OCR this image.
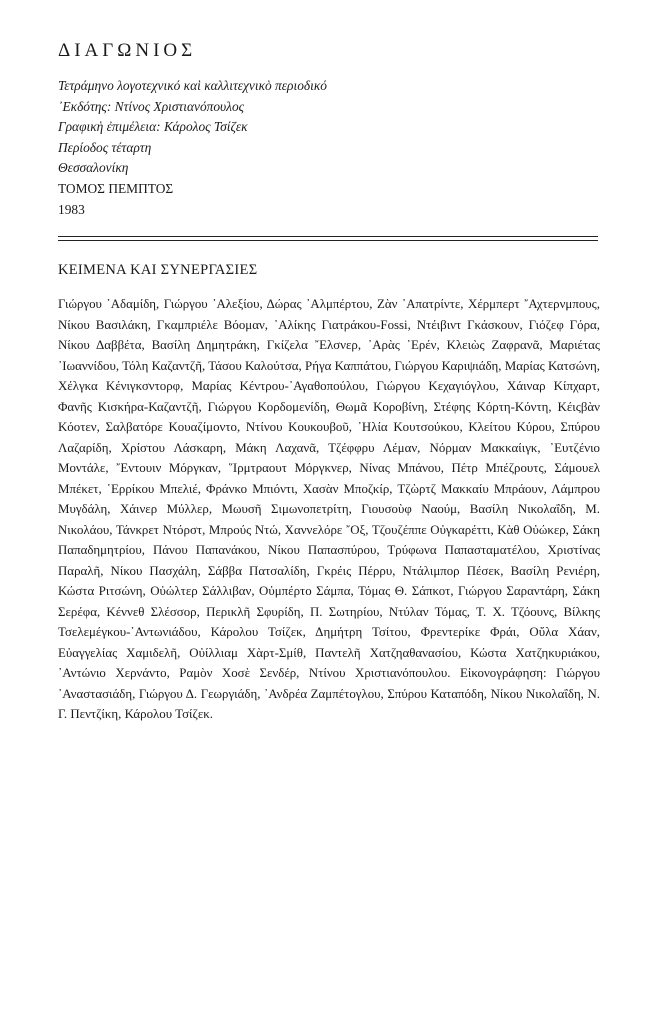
ΔΙΑΓΩΝΙΟΣ
Τετράμηνο λογοτεχνικό καὶ καλλιτεχνικὸ περιοδικό
᾿Εκδότης: Ντίνος Χριστιανόπουλος
Γραφικὴ ἐπιμέλεια: Κάρολος Τσίζεκ
Περίοδος τέταρτη
Θεσσαλονίκη
ΤΟΜΟΣ ΠΕΜΠΤΟΣ
1983
ΚΕΙΜΕΝΑ ΚΑΙ ΣΥΝΕΡΓΑΣΙΕΣ
Γιώργου ᾿Αδαμίδη, Γιώργου ᾿Αλεξίου, Δώρας ᾿Αλμπέρτου, Ζὰν ᾿Απατρίντε, Χέρμπερτ ῎Αχτερνμπους, Νίκου Βασιλάκη, Γκαμπριέλε Βόομαν, ᾿Αλίκης Γιατράκου-Fossi, Ντέιβιντ Γκάσκουν, Γιόζεφ Γόρα, Νίκου Δαββέτα, Βασίλη Δημητράκη, Γκίζελα ῎Ελσνερ, ᾿Αρὰς ᾿Ερέν, Κλειὼς Ζαφρανᾶ, Μαριέτας ᾿Ιωαννίδου, Τόλη Καζαντζῆ, Τάσου Καλούτσα, Ρήγα Καππάτου, Γιώργου Καριψιάδη, Μαρίας Κατσώνη, Χέλγκα Κένιγκσντορφ, Μαρίας Κέντρου-᾿Αγαθοπούλου, Γιώργου Κεχαγιόγλου, Χάιναρ Κίπχαρτ, Φανῆς Κισκήρα-Καζαντζῆ, Γιώργου Κορδομενίδη, Θωμᾶ Κοροβίνη, Στέφης Κόρτη-Κόντη, Κέιςβὰν Κόοτεν, Σαλβατόρε Κουαζίμοντο, Ντίνου Κουκουβοῦ, ᾿Ηλία Κουτσούκου, Κλείτου Κύρου, Σπύρου Λαζαρίδη, Χρίστου Λάσκαρη, Μάκη Λαχανᾶ, Τζέφφρυ Λέμαν, Νόρμαν Μακκαίιγκ, ᾿Ευτζένιο Μοντάλε, ῎Εντουιν Μόργκαν, ῞Ιρμτραουτ Μόργκνερ, Νίνας Μπάνου, Πέτρ Μπέζρουτς, Σάμουελ Μπέκετ, ῾Ερρίκου Μπελιέ, Φράνκο Μπιόντι, Χασὰν Μποζκίρ, Τζὼρτζ Μακκαίυ Μπράουν, Λάμπρου Μυγδάλη, Χάινερ Μύλλερ, Μωυσῆ Σιμωνοπετρίτη, Γιουσοὺφ Ναούμ, Βασίλη Νικολαΐδη, Μ. Νικολάου, Τάνκρετ Ντόρστ, Μπρούς Ντώ, Χαννελόρε ῎Οξ, Τζουζέππε Οὐγκαρέττι, Κὰθ Οὐώκερ, Σάκη Παπαδημητρίου, Πάνου Παπανάκου, Νίκου Παπασπύρου, Τρύφωνα Παπασταματέλου, Χριστίνας Παραλῆ, Νίκου Πασχάλη, Σάββα Πατσαλίδη, Γκρέις Πέρρυ, Ντάλιμπορ Πέσεκ, Βασίλη Ρενιέρη, Κώστα Ριτσώνη, Οὐώλτερ Σάλλιβαν, Οὐμπέρτο Σάμπα, Τόμας Θ. Σάπκοτ, Γιώργου Σαραντάρη, Σάκη Σερέφα, Κέννεθ Σλέσσορ, Περικλῆ Σφυρίδη, Π. Σωτηρίου, Ντύλαν Τόμας, Τ. Χ. Τζόουνς, Βίλκης Τσελεμέγκου-᾿Αντωνιάδου, Κάρολου Τσίζεκ, Δημήτρη Τσίτου, Φρεντερίκε Φράι, Οὔλα Χάαν, Εὐαγγελίας Χαμιδελῆ, Οὐίλλιαμ Χὰρτ-Σμίθ, Παντελῆ Χατζηαθανασίου, Κώστα Χατζηκυριάκου, ᾿Αντώνιο Χερνάντο, Ραμὸν Χοσὲ Σενδέρ, Ντίνου Χριστιανόπουλου. Εἰκονογράφηση: Γιώργου ᾿Αναστασιάδη, Γιώργου Δ. Γεωργιάδη, ᾿Ανδρέα Ζαμπέτογλου, Σπύρου Καταπόδη, Νίκου Νικολαΐδη, Ν. Γ. Πεντζίκη, Κάρολου Τσίζεκ.
